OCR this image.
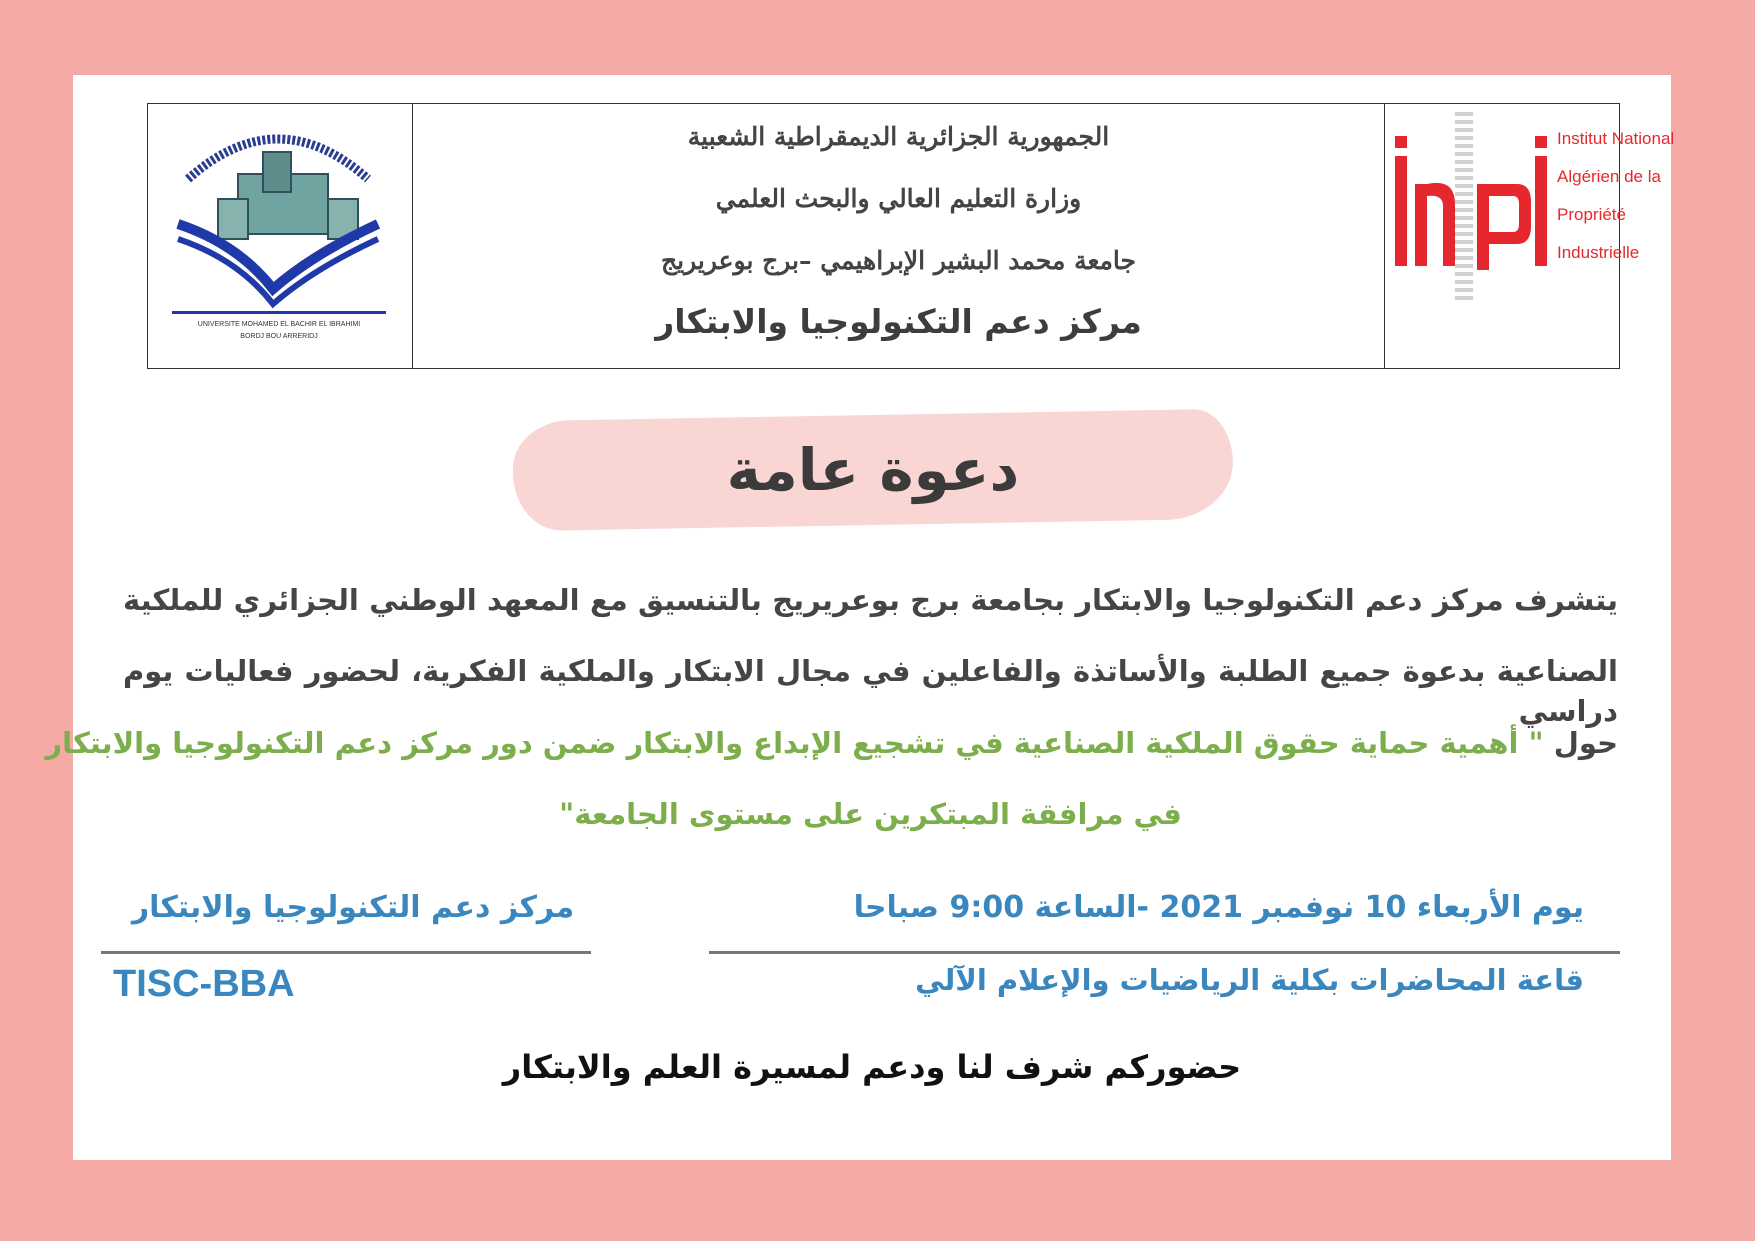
UNIVERSITE MOHAMED EL BACHIR EL IBRAHIMI
BORDJ BOU ARRERIDJ
الجمهورية الجزائرية الديمقراطية الشعبية
وزارة التعليم العالي والبحث العلمي
جامعة محمد البشير الإبراهيمي –برج بوعريريج
مركز دعم التكنولوجيا والابتكار
Institut National
Algérien de la
Propriété
Industrielle
دعوة عامة
يتشرف مركز دعم التكنولوجيا والابتكار بجامعة برج بوعريريج بالتنسيق مع المعهد الوطني الجزائري للملكية
الصناعية بدعوة جميع الطلبة والأساتذة والفاعلين في مجال الابتكار والملكية الفكرية، لحضور فعاليات يوم دراسي
حول " أهمية حماية حقوق الملكية الصناعية في تشجيع الإبداع والابتكار ضمن دور مركز دعم التكنولوجيا والابتكار
في مرافقة المبتكرين على مستوى الجامعة"
يوم الأربعاء 10 نوفمبر 2021 -الساعة 9:00 صباحا
قاعة المحاضرات بكلية الرياضيات والإعلام الآلي
مركز دعم التكنولوجيا والابتكار
TISC-BBA
حضوركم شرف لنا ودعم لمسيرة العلم والابتكار
